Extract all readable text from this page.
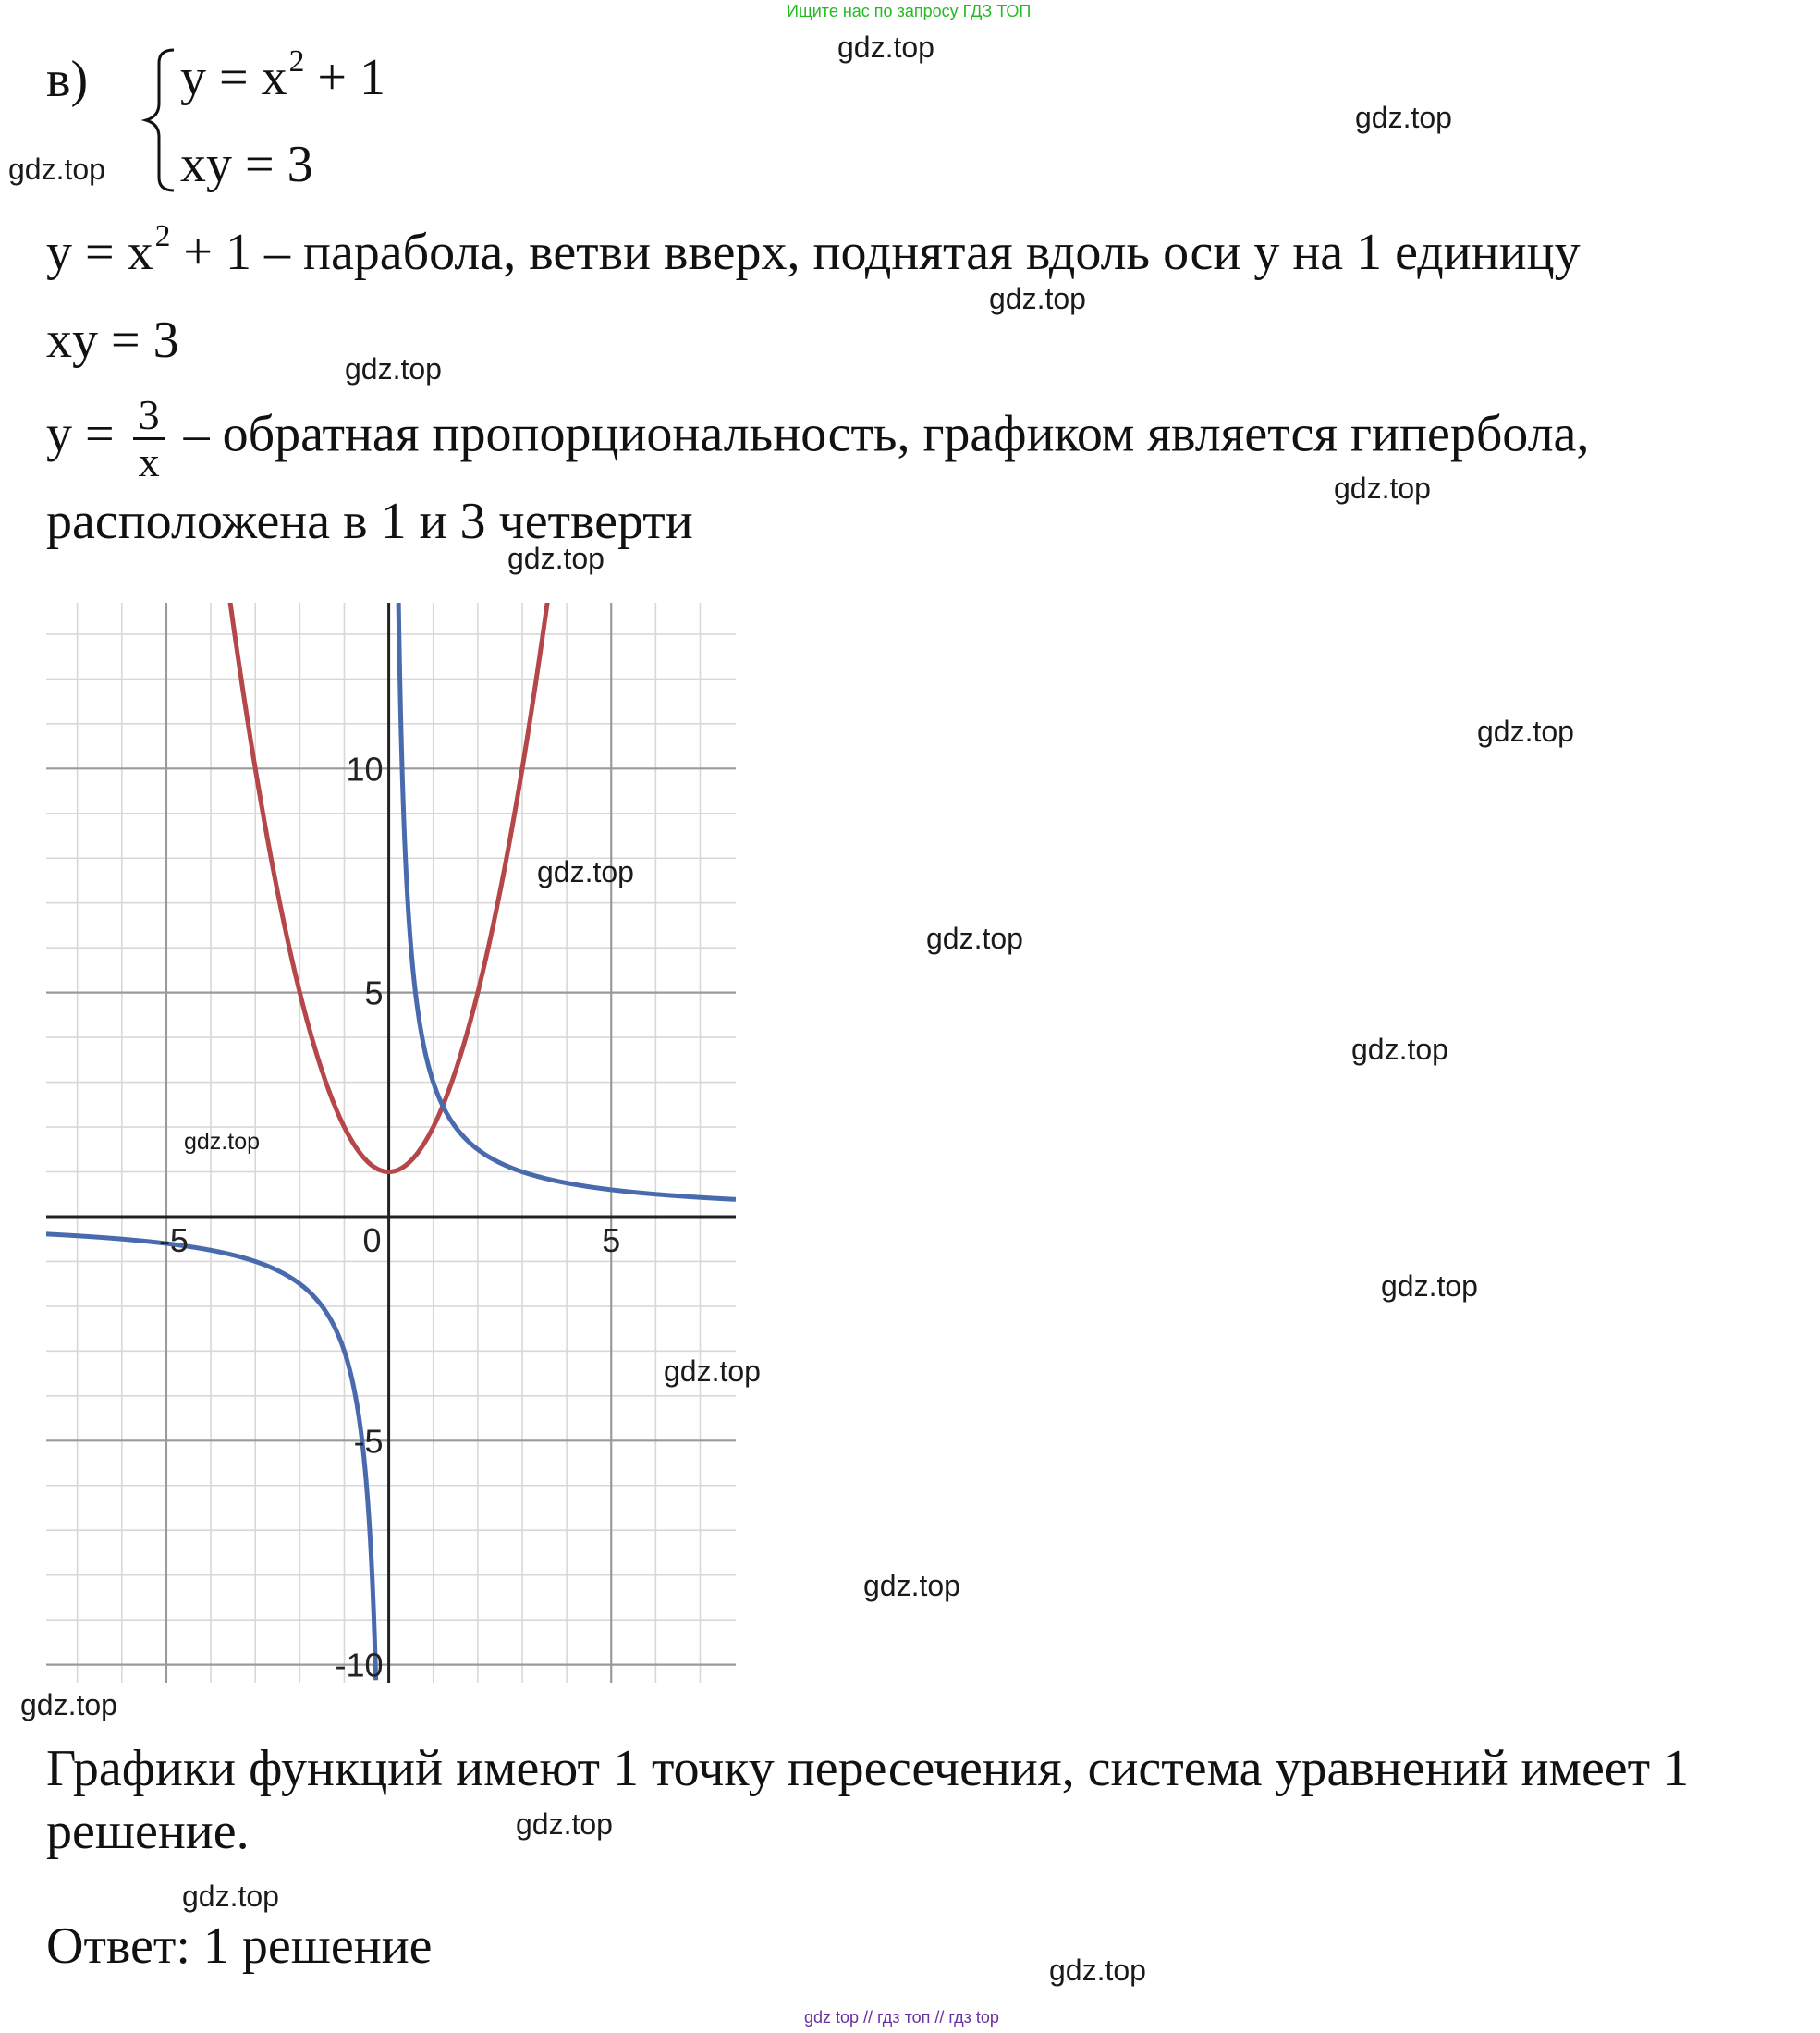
Ищите нас по запросу ГДЗ ТОП
в) $y = x^2 + 1$
xy = 3
$y = x^2 + 1$ – парабола, ветви вверх, поднятая вдоль оси y на 1 единицу
xy = 3
$y = \frac{3}{x}$ – обратная пропорциональность, графиком является гипербола,
расположена в 1 и 3 четверти
-5	0	5
10
5
-5
-10
Графики функций имеют 1 точку пересечения, система уравнений имеет 1
решение.
Ответ: 1 решение
gdz.top
gdz.top
gdz.top
gdz.top
gdz.top
gdz.top
gdz.top
gdz.top
gdz.top
gdz.top
gdz.top
gdz.top
gdz.top
gdz.top
gdz.top
gdz.top
gdz.top
gdz.top
gdz.top
gdz top // гдз топ // гдз top
